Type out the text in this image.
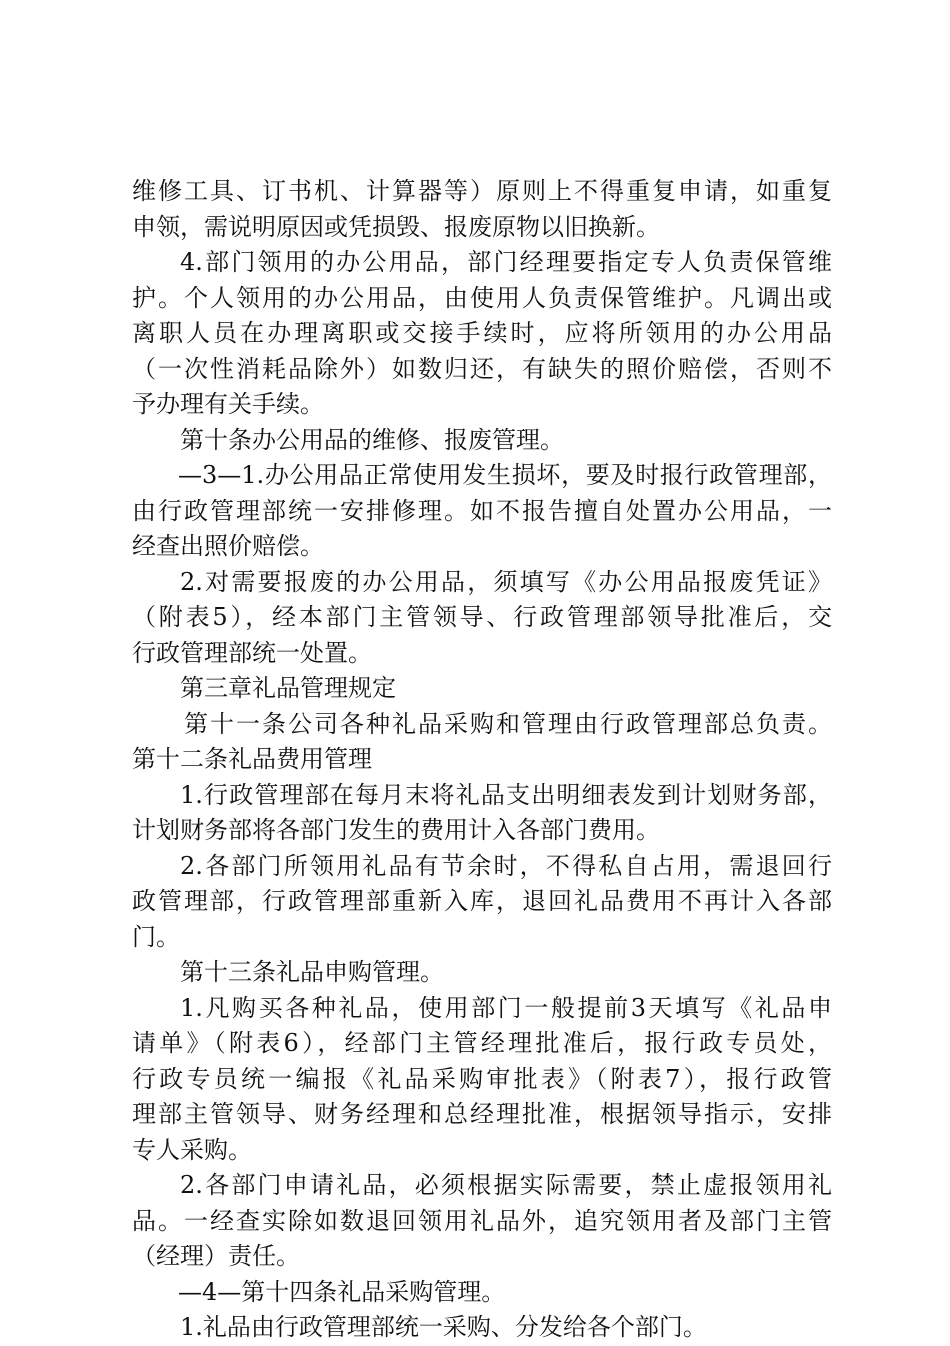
维修工具、订书机、计算器等）原则上不得重复申请，如重复
申领，需说明原因或凭损毁、报废原物以旧换新。
4.部门领用的办公用品，部门经理要指定专人负责保管维
护。个人领用的办公用品，由使用人负责保管维护。凡调出或
离职人员在办理离职或交接手续时，应将所领用的办公用品
（一次性消耗品除外）如数归还，有缺失的照价赔偿，否则不
予办理有关手续。
第十条办公用品的维修、报废管理。
—3—1.办公用品正常使用发生损坏，要及时报行政管理部，
由行政管理部统一安排修理。如不报告擅自处置办公用品，一
经查出照价赔偿。
2.对需要报废的办公用品，须填写《办公用品报废凭证》
（附表5），经本部门主管领导、行政管理部领导批准后，交
行政管理部统一处置。
第三章礼品管理规定
第十一条公司各种礼品采购和管理由行政管理部总负责。
第十二条礼品费用管理
1.行政管理部在每月末将礼品支出明细表发到计划财务部，
计划财务部将各部门发生的费用计入各部门费用。
2.各部门所领用礼品有节余时，不得私自占用，需退回行
政管理部，行政管理部重新入库，退回礼品费用不再计入各部
门。
第十三条礼品申购管理。
1.凡购买各种礼品，使用部门一般提前3天填写《礼品申
请单》（附表6），经部门主管经理批准后，报行政专员处，
行政专员统一编报《礼品采购审批表》（附表7），报行政管
理部主管领导、财务经理和总经理批准，根据领导指示，安排
专人采购。
2.各部门申请礼品，必须根据实际需要，禁止虚报领用礼
品。一经查实除如数退回领用礼品外，追究领用者及部门主管
（经理）责任。
—4—第十四条礼品采购管理。
1.礼品由行政管理部统一采购、分发给各个部门。
